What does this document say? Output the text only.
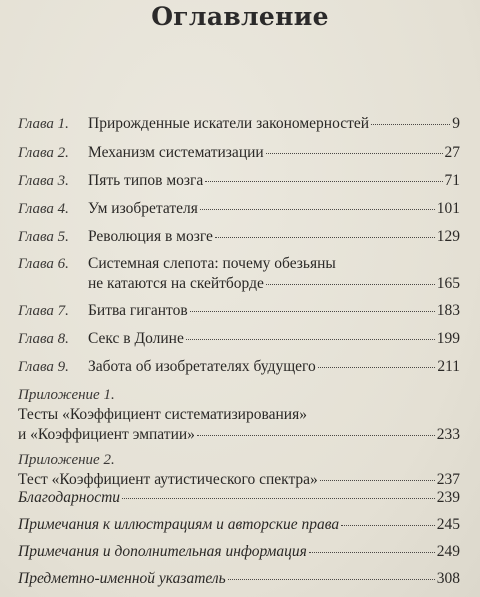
Оглавление
Глава 1. Прирожденные искатели закономерностей	9
Глава 2. Механизм систематизации	27
Глава 3. Пять типов мозга	71
Глава 4. Ум изобретателя	101
Глава 5. Революция в мозге	129
Глава 6. Системная слепота: почему обезьяны
не катаются на скейтборде	165
Глава 7. Битва гигантов	183
Глава 8. Секс в Долине	199
Глава 9. Забота об изобретателях будущего	211
Приложение 1.
Тесты «Коэффициент систематизирования»
и «Коэффициент эмпатии»	233
Приложение 2.
Тест «Коэффициент аутистического спектра»	237
Благодарности	239
Примечания к иллюстрациям и авторские права	245
Примечания и дополнительная информация	249
Предметно-именной указатель	308
